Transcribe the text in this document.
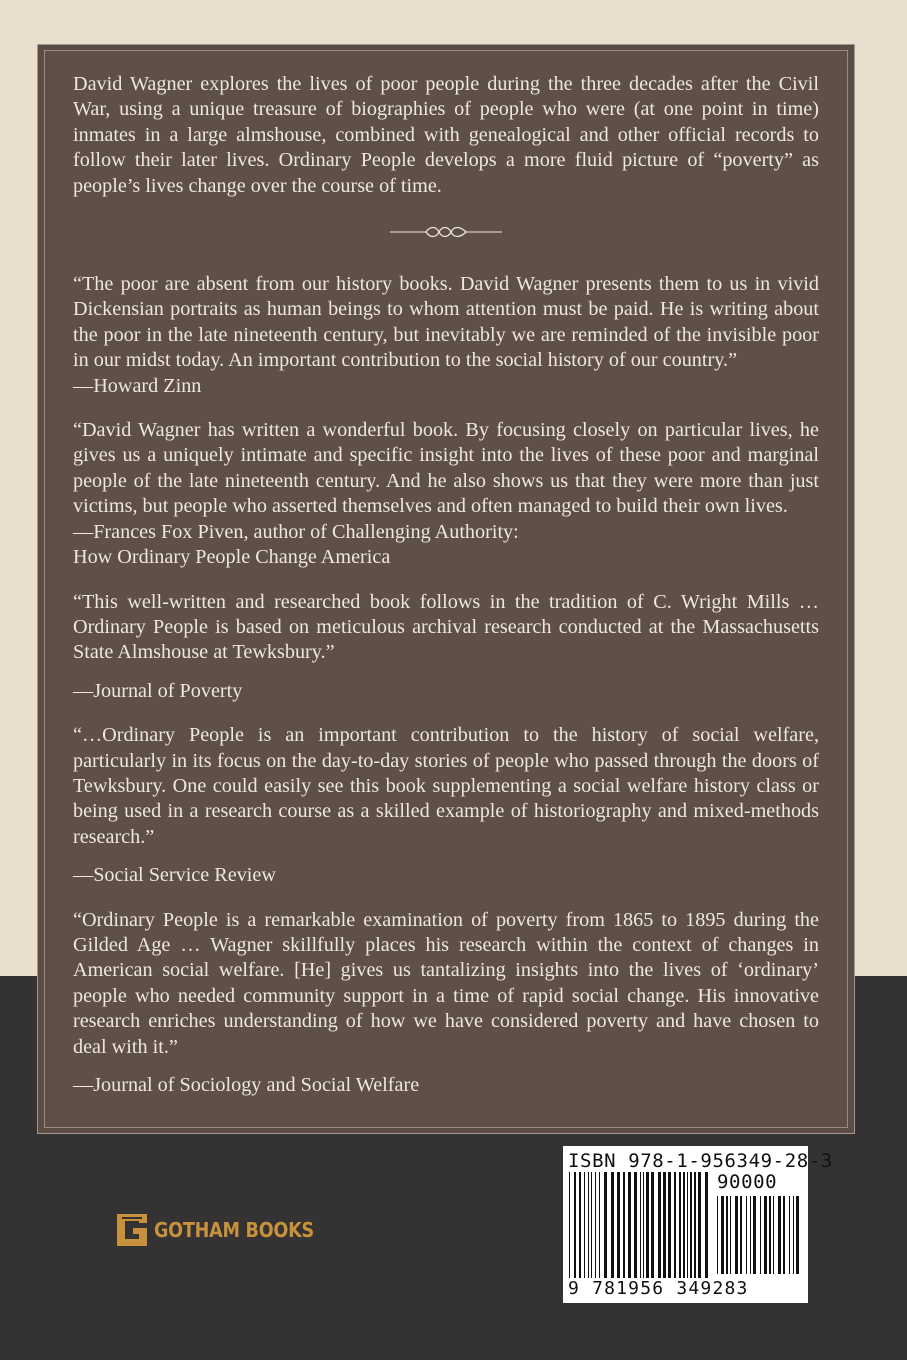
David Wagner explores the lives of poor people during the three decades after the Civil War, using a unique treasure of biographies of people who were (at one point in time) inmates in a large almshouse, combined with genealogical and other official records to follow their later lives. Ordinary People develops a more fluid picture of “poverty” as people’s lives change over the course of time.

“The poor are absent from our history books. David Wagner presents them to us in vivid Dickensian portraits as human beings to whom attention must be paid. He is writing about the poor in the late nineteenth century, but inevitably we are reminded of the invisible poor in our midst today. An important contribution to the social history of our country.”

—Howard Zinn

“David Wagner has written a wonderful book. By focusing closely on particular lives, he gives us a uniquely intimate and specific insight into the lives of these poor and marginal people of the late nineteenth century. And he also shows us that they were more than just victims, but people who asserted themselves and often managed to build their own lives.

—Frances Fox Piven, author of Challenging Authority:

How Ordinary People Change America

“This well-written and researched book follows in the tradition of C. Wright Mills … Ordinary People is based on meticulous archival research conducted at the Massachusetts State Almshouse at Tewksbury.”

—Journal of Poverty

“…Ordinary People is an important contribution to the history of social welfare, particularly in its focus on the day-to-day stories of people who passed through the doors of Tewksbury. One could easily see this book supplementing a social welfare history class or being used in a research course as a skilled example of historiography and mixed-methods research.”

—Social Service Review

“Ordinary People is a remarkable examination of poverty from 1865 to 1895 during the Gilded Age … Wagner skillfully places his research within the context of changes in American social welfare. [He] gives us tantalizing insights into the lives of ‘ordinary’ people who needed community support in a time of rapid social change. His innovative research enriches understanding of how we have considered poverty and have chosen to deal with it.”

—Journal of Sociology and Social Welfare

ISBN 978-1-956349-28-3
90000
9 781956 349283
GOTHAM BOOKS
